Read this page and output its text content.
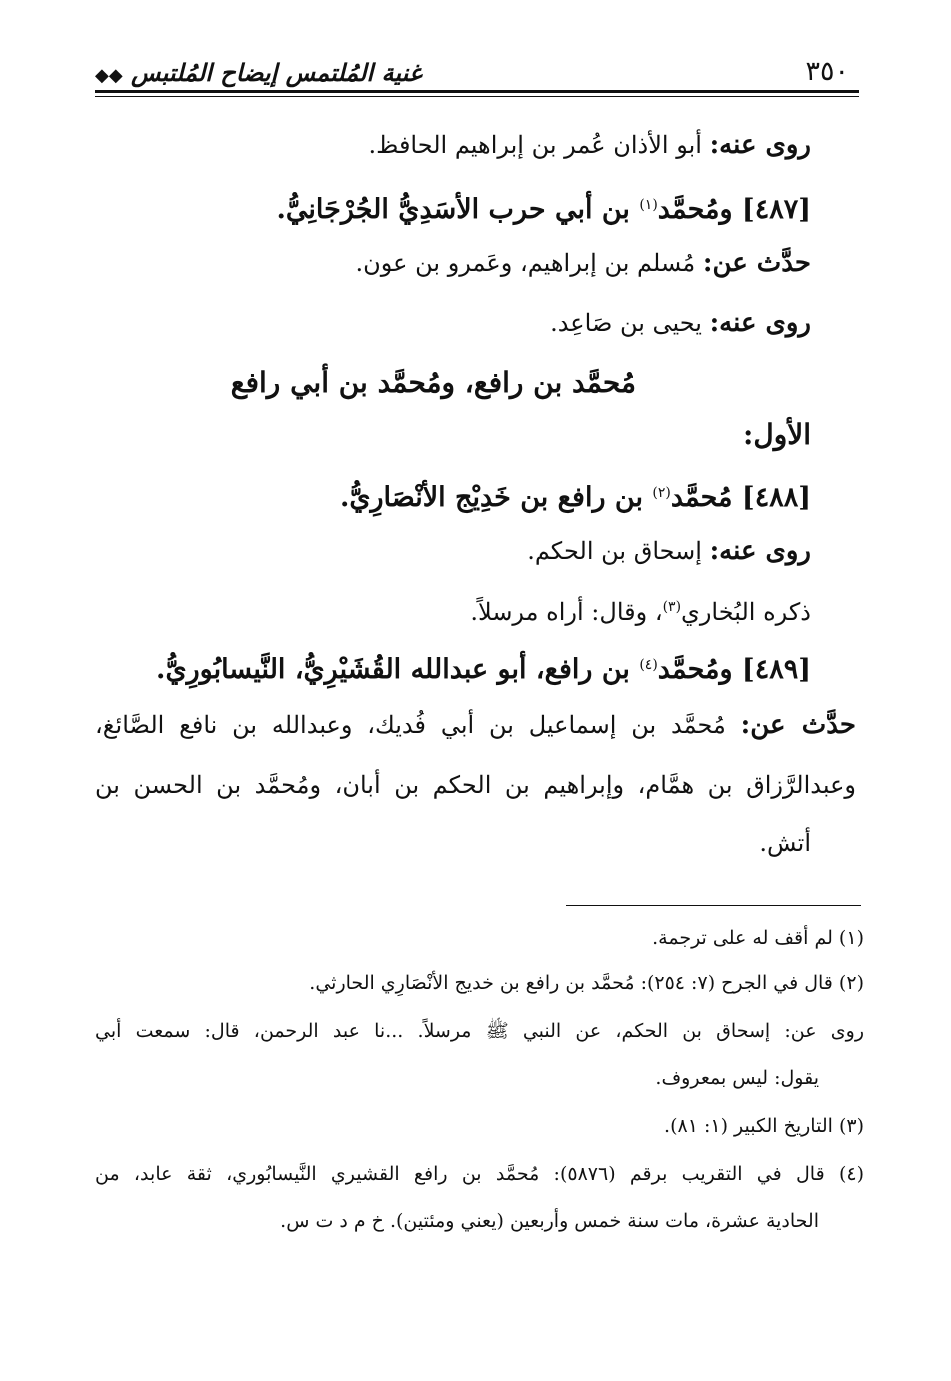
٣٥٠
غنية المُلتمس إيضاح المُلتبس ◆◆

روى عنه: أبو الأذان عُمر بن إبراهيم الحافظ.

[٤٨٧] ومُحمَّد$^{(١)}$ بن أبي حرب الأسَدِيُّ الجُرْجَانِيُّ.

حدَّث عن: مُسلم بن إبراهيم، وعَمرو بن عون.

روى عنه: يحيى بن صَاعِد.

مُحمَّد بن رافع، ومُحمَّد بن أبي رافع

الأول:

[٤٨٨] مُحمَّد$^{(٢)}$ بن رافع بن خَدِيْج الأنْصَارِيُّ.

روى عنه: إسحاق بن الحكم.

ذكره البُخاري$^{(٣)}$، وقال: أراه مرسلاً.

[٤٨٩] ومُحمَّد$^{(٤)}$ بن رافع، أبو عبدالله القُشَيْرِيُّ، النَّيسابُورِيُّ.

حدَّث عن: مُحمَّد بن إسماعيل بن أبي فُديك، وعبدالله بن نافع الصَّائغ،

وعبدالرَّزاق بن همَّام، وإبراهيم بن الحكم بن أبان، ومُحمَّد بن الحسن بن

أتش.

(١) لم أقف له على ترجمة.

(٢) قال في الجرح (٧: ٢٥٤): مُحمَّد بن رافع بن خديج الأنْصَارِي الحارثي.

روى عن: إسحاق بن الحكم، عن النبي ﷺ مرسلاً. ...نا عبد الرحمن، قال: سمعت أبي

يقول: ليس بمعروف.

(٣) التاريخ الكبير (١: ٨١).

(٤) قال في التقريب برقم (٥٨٧٦): مُحمَّد بن رافع القشيري النَّيسابُوري، ثقة عابد، من

الحادية عشرة، مات سنة خمس وأربعين (يعني ومئتين). خ م د ت س.
